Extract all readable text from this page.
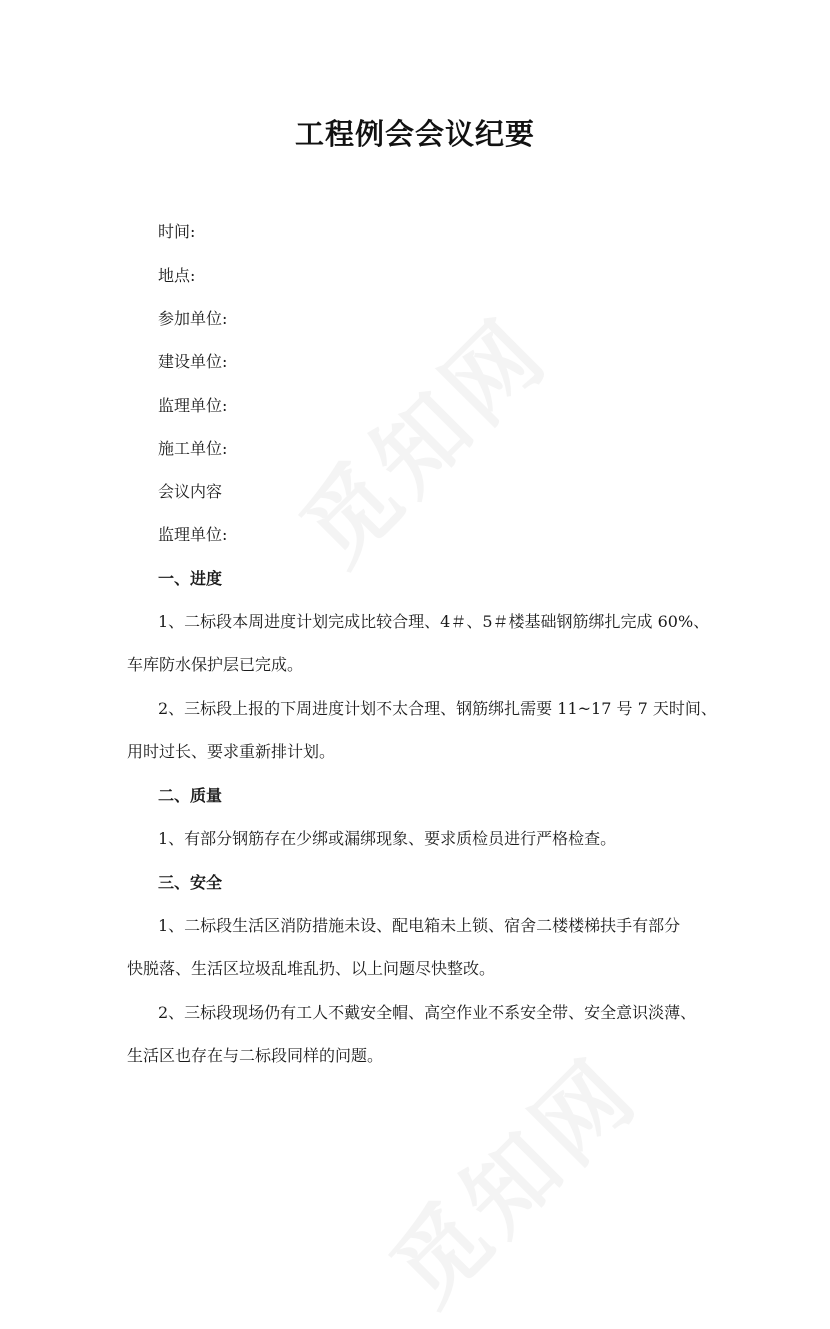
工程例会会议纪要
时间:
地点:
参加单位:
建设单位:
监理单位:
施工单位:
会议内容
监理单位:
一、进度
1、二标段本周进度计划完成比较合理、4＃、5＃楼基础钢筋绑扎完成 60%、
车库防水保护层已完成。
2、三标段上报的下周进度计划不太合理、钢筋绑扎需要 11~17 号 7 天时间、
用时过长、要求重新排计划。
二、质量
1、有部分钢筋存在少绑或漏绑现象、要求质检员进行严格检查。
三、安全
1、二标段生活区消防措施未设、配电箱未上锁、宿舍二楼楼梯扶手有部分
快脱落、生活区垃圾乱堆乱扔、以上问题尽快整改。
2、三标段现场仍有工人不戴安全帽、高空作业不系安全带、安全意识淡薄、
生活区也存在与二标段同样的问题。
